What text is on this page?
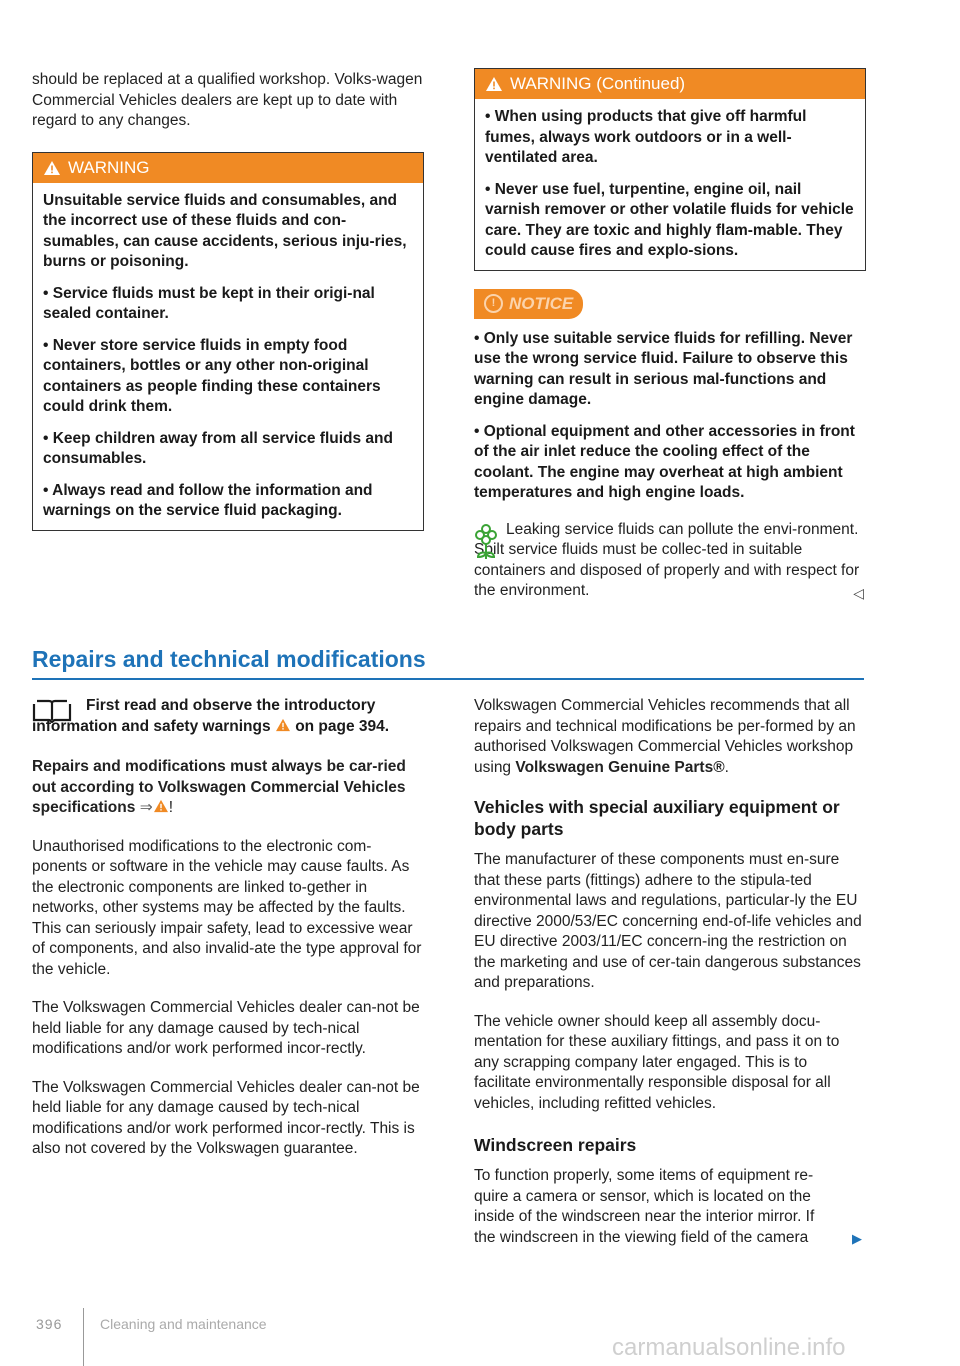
should be replaced at a qualified workshop. Volks-wagen Commercial Vehicles dealers are kept up to date with regard to any changes.

WARNING

Unsuitable service fluids and consumables, and the incorrect use of these fluids and con-sumables, can cause accidents, serious inju-ries, burns or poisoning.

• Service fluids must be kept in their origi-nal sealed container.

• Never store service fluids in empty food containers, bottles or any other non-original containers as people finding these containers could drink them.

• Keep children away from all service fluids and consumables.

• Always read and follow the information and warnings on the service fluid packaging.

WARNING (Continued)

• When using products that give off harmful fumes, always work outdoors or in a well-ventilated area.

• Never use fuel, turpentine, engine oil, nail varnish remover or other volatile fluids for vehicle care. They are toxic and highly flam-mable. They could cause fires and explo-sions.

! NOTICE

• Only use suitable service fluids for refilling. Never use the wrong service fluid. Failure to observe this warning can result in serious mal-functions and engine damage.

• Optional equipment and other accessories in front of the air inlet reduce the cooling effect of the coolant. The engine may overheat at high ambient temperatures and high engine loads.

Leaking service fluids can pollute the envi-ronment. Spilt service fluids must be collec-ted in suitable containers and disposed of properly and with respect for the environment.	◁
Repairs and technical modifications

First read and observe the introductory information and safety warnings on page 394.

Repairs and modifications must always be car-ried out according to Volkswagen Commercial Vehicles specifications ⇒ !

Unauthorised modifications to the electronic com-ponents or software in the vehicle may cause faults. As the electronic components are linked to-gether in networks, other systems may be affected by the faults. This can seriously impair safety, lead to excessive wear of components, and also invalid-ate the type approval for the vehicle.

The Volkswagen Commercial Vehicles dealer can-not be held liable for any damage caused by tech-nical modifications and/or work performed incor-rectly.

The Volkswagen Commercial Vehicles dealer can-not be held liable for any damage caused by tech-nical modifications and/or work performed incor-rectly. This is also not covered by the Volkswagen guarantee.

Volkswagen Commercial Vehicles recommends that all repairs and technical modifications be per-formed by an authorised Volkswagen Commercial Vehicles workshop using Volkswagen Genuine Parts®.

Vehicles with special auxiliary equipment or body parts

The manufacturer of these components must en-sure that these parts (fittings) adhere to the stipula-ted environmental laws and regulations, particular-ly the EU directive 2000/53/EC concerning end-of-life vehicles and EU directive 2003/11/EC concern-ing the restriction on the marketing and use of cer-tain dangerous substances and preparations.

The vehicle owner should keep all assembly docu-mentation for these auxiliary fittings, and pass it on to any scrapping company later engaged. This is to facilitate environmentally responsible disposal for all vehicles, including refitted vehicles.

Windscreen repairs

To function properly, some items of equipment re-quire a camera or sensor, which is located on the inside of the windscreen near the interior mirror. If the windscreen in the viewing field of the camera	▶
396	Cleaning and maintenance
carmanualsonline.info
